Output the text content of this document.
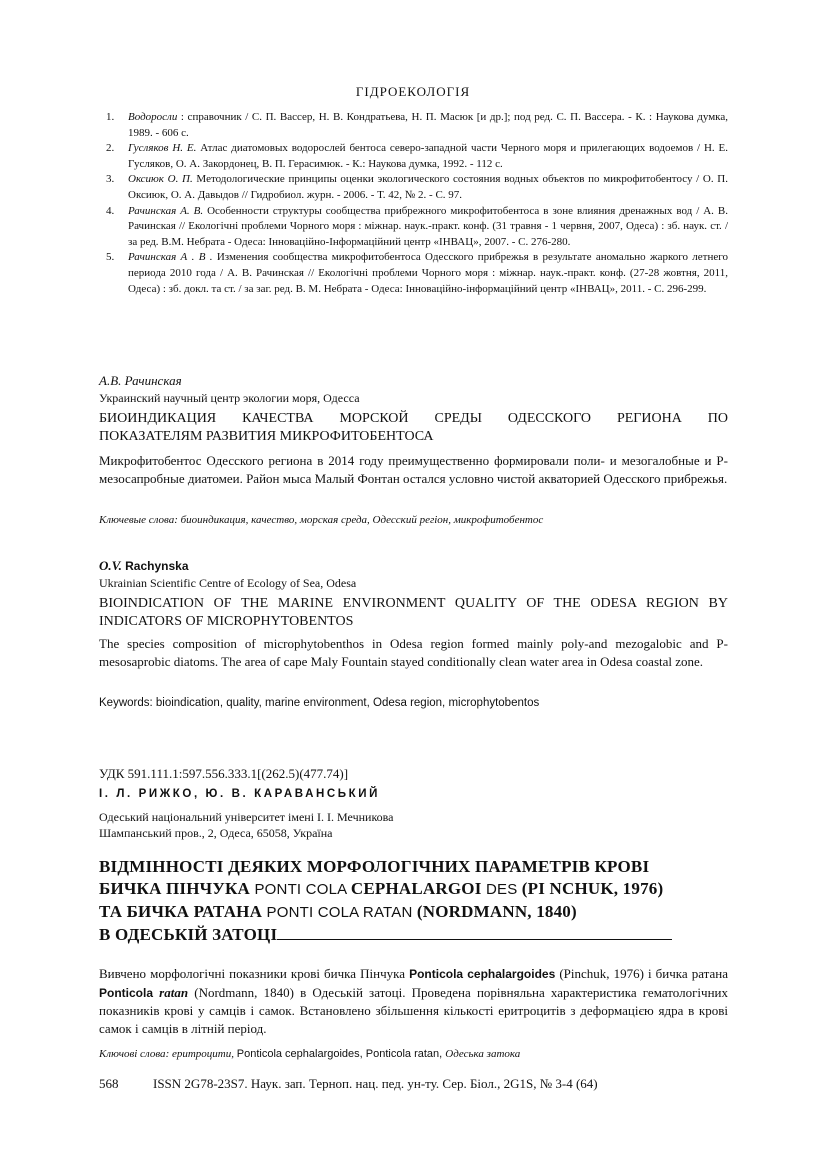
ГІДРОЕКОЛОГІЯ
1. Водоросли : справочник / С. П. Вассер, Н. В. Кондратьева, Н. П. Масюк [и др.]; под ред. С. П. Вассера. - К. : Наукова думка, 1989. - 606 с.
2. Гусляков Н. Е. Атлас диатомовых водорослей бентоса северо-западной части Черного моря и прилегающих водоемов / Н. Е. Гусляков, О. А. Закордонец, В. П. Герасимюк. - К.: Наукова думка, 1992. - 112 с.
3. Оксиюк О. П. Методологические принципы оценки экологического состояния водных объектов по микрофитобентосу / О. П. Оксиюк, О. А. Давыдов // Гидробиол. журн. - 2006. - Т. 42, № 2. - С. 97.
4. Рачинская А. В. Особенности структуры сообщества прибрежного микрофитобентоса в зоне влияния дренажных вод / А. В. Рачинская // Екологічні проблеми Чорного моря : міжнар. наук.-практ. конф. (31 травня - 1 червня, 2007, Одеса) : зб. наук. ст. / за ред. В.М. Небрата - Одеса: Інноваційно-Інформаційний центр «ІНВАЦ», 2007. - С. 276-280.
5. Рачинская А . В . Изменения сообщества микрофитобентоса Одесского прибрежья в результате аномально жаркого летнего периода 2010 года / А. В. Рачинская // Екологічні проблеми Чорного моря : міжнар. наук.-практ. конф. (27-28 жовтня, 2011, Одеса) : зб. докл. та ст. / за заг. ред. В. М. Небрата - Одеса: Інноваційно-інформаційний центр «ІНВАЦ», 2011. - С. 296-299.
А.В. Рачинская
Украинский научный центр экологии моря, Одесса
БИОИНДИКАЦИЯ КАЧЕСТВА МОРСКОЙ СРЕДЫ ОДЕССКОГО РЕГИОНА ПО
ПОКАЗАТЕЛЯМ РАЗВИТИЯ МИКРОФИТОБЕНТОСА
Микрофитобентос Одесского региона в 2014 году преимущественно формировали поли- и мезогалобные и Р-мезосапробные диатомеи. Район мыса Малый Фонтан остался условно чистой акваторией Одесского прибрежья.
Ключевые слова: биоиндикация, качество, морская среда, Одесский регіон, микрофитобентос
O.V. Rachynska
Ukrainian Scientific Centre of Ecology of Sea, Odesa
BIOINDICATION OF THE MARINE ENVIRONMENT QUALITY OF THE ODESA REGION BY
INDICATORS OF MICROPHYTOBENTOS
The species composition of microphytobenthos in Odesa region formed mainly poly-and mezogalobic and P-mesosaprobic diatoms. The area of cape Maly Fountain stayed conditionally clean water area in Odesa coastal zone.
Keywords: bioindication, quality, marine environment, Odesa region, microphytobentos
УДК 591.111.1:597.556.333.1[(262.5)(477.74)]
І. Л. РИЖКО, Ю. В. КАРАВАНСЬКИЙ
Одеський національний університет імені І. І. Мечникова
Шампанський пров., 2, Одеса, 65058, Україна
ВІДМІННОСТІ ДЕЯКИХ МОРФОЛОГІЧНИХ ПАРАМЕТРІВ КРОВІ
БИЧКА ПІНЧУКА PONTI COLA CEPHALARGOI DES (PI NCHUK, 1976)
ТА БИЧКА РАТАНА PONTI COLA RATAN (NORDMANN, 1840)
В ОДЕСЬКІЙ ЗАТОЦІ
Вивчено морфологічні показники крові бичка Пінчука Ponticola cephalargoides (Pinchuk, 1976) і бичка ратана Ponticola ratan (Nordmann, 1840) в Одеській затоці. Проведена порівняльна характеристика гематологічних показників крові у самців і самок. Встановлено збільшення кількості еритроцитів з деформацією ядра в крові самок і самців в літній період.
Ключові слова: еритроцити, Ponticola cephalargoides, Ponticola ratan, Одеська затока
568	ISSN 2G78-23S7. Наук. зап. Терноп. нац. пед. ун-ту. Сер. Біол., 2G1S, № 3-4 (64)
